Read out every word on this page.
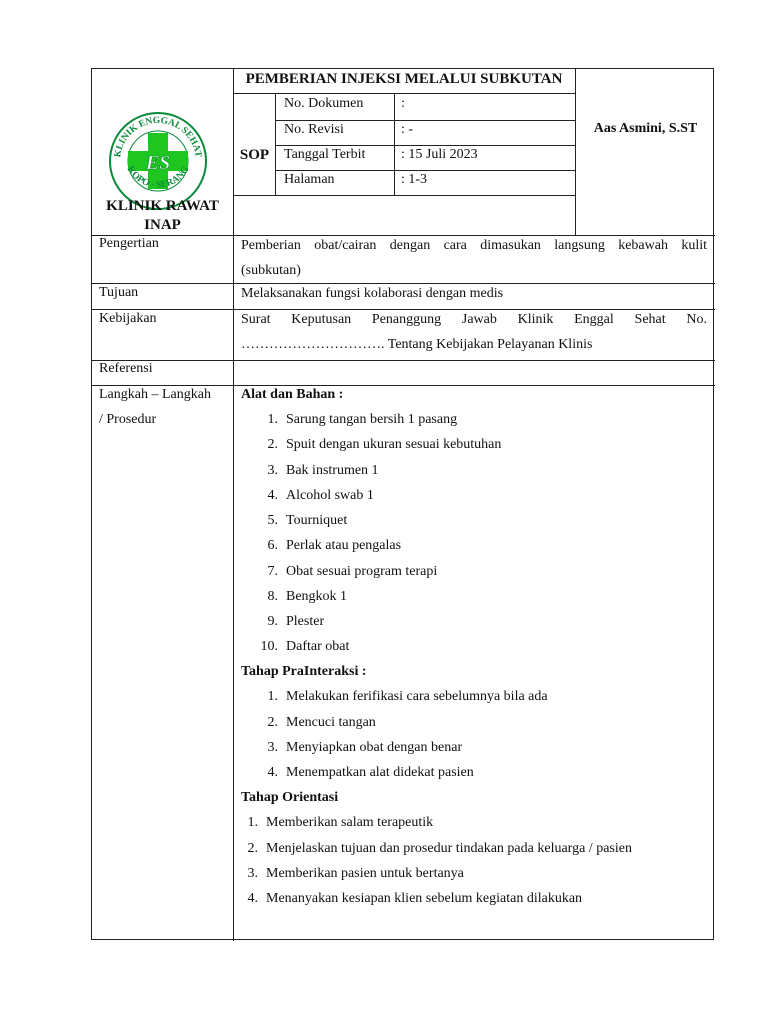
ES
KLINIK ENGGAL SEHAT
KOPO - SERANG
KLINIK RAWAT INAP
PEMBERIAN INJEKSI MELALUI SUBKUTAN
SOP
Aas Asmini, S.ST
No. Dokumen	:
No. Revisi	: -
Tanggal Terbit	: 15 Juli 2023
Halaman	: 1-3
Pengertian	Pemberian obat/cairan dengan cara dimasukan langsung kebawah kulit
(subkutan)
Tujuan	Melaksanakan fungsi kolaborasi dengan medis
Kebijakan	Surat Keputusan Penanggung Jawab Klinik Enggal Sehat No.
…………………………. Tentang Kebijakan Pelayanan Klinis
Referensi
Langkah – Langkah
/ Prosedur
Alat dan Bahan :
1. Sarung tangan bersih 1 pasang
2. Spuit dengan ukuran sesuai kebutuhan
3. Bak instrumen 1
4. Alcohol swab 1
5. Tourniquet
6. Perlak atau pengalas
7. Obat sesuai program terapi
8. Bengkok 1
9. Plester
10. Daftar obat
Tahap PraInteraksi :
1. Melakukan ferifikasi cara sebelumnya bila ada
2. Mencuci tangan
3. Menyiapkan obat dengan benar
4. Menempatkan alat didekat pasien
Tahap Orientasi
1. Memberikan salam terapeutik
2. Menjelaskan tujuan dan prosedur tindakan pada keluarga / pasien
3. Memberikan pasien untuk bertanya
4. Menanyakan kesiapan klien sebelum kegiatan dilakukan
